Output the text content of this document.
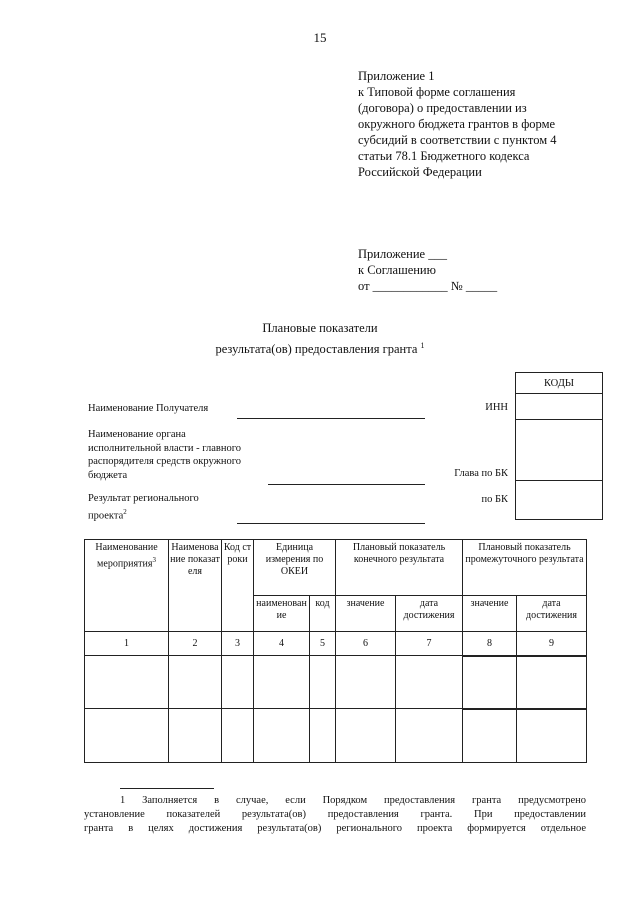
15
Приложение 1
к Типовой форме соглашения
(договора) о предоставлении из
окружного бюджета грантов в форме
субсидий в соответствии с пунктом 4
статьи 78.1 Бюджетного кодекса
Российской Федерации
Приложение ___
к Соглашению
от ____________ № _____
Плановые показатели
результата(ов) предоставления гранта $^1$
Наименование Получателя	ИНН
Наименование органа
исполнительной власти - главного
распорядителя средств окружного
бюджета	Глава по БК
Результат регионального
проекта$^2$
по БК
КОДЫ

Наименование мероприятия$^3$	Наименование показателя	Код строки	Единица измерения по ОКЕИ		Плановый показатель конечного результата		Плановый показатель промежуточного результата	
			наименование	код	значение	дата достижения	значение	дата достижения
1	2	3	4	5	6	7	8	9

1 Заполняется в случае, если Порядком предоставления гранта предусмотрено
установление показателей результата(ов) предоставления гранта. При предоставлении
гранта в целях достижения результата(ов) регионального проекта формируется отдельное
